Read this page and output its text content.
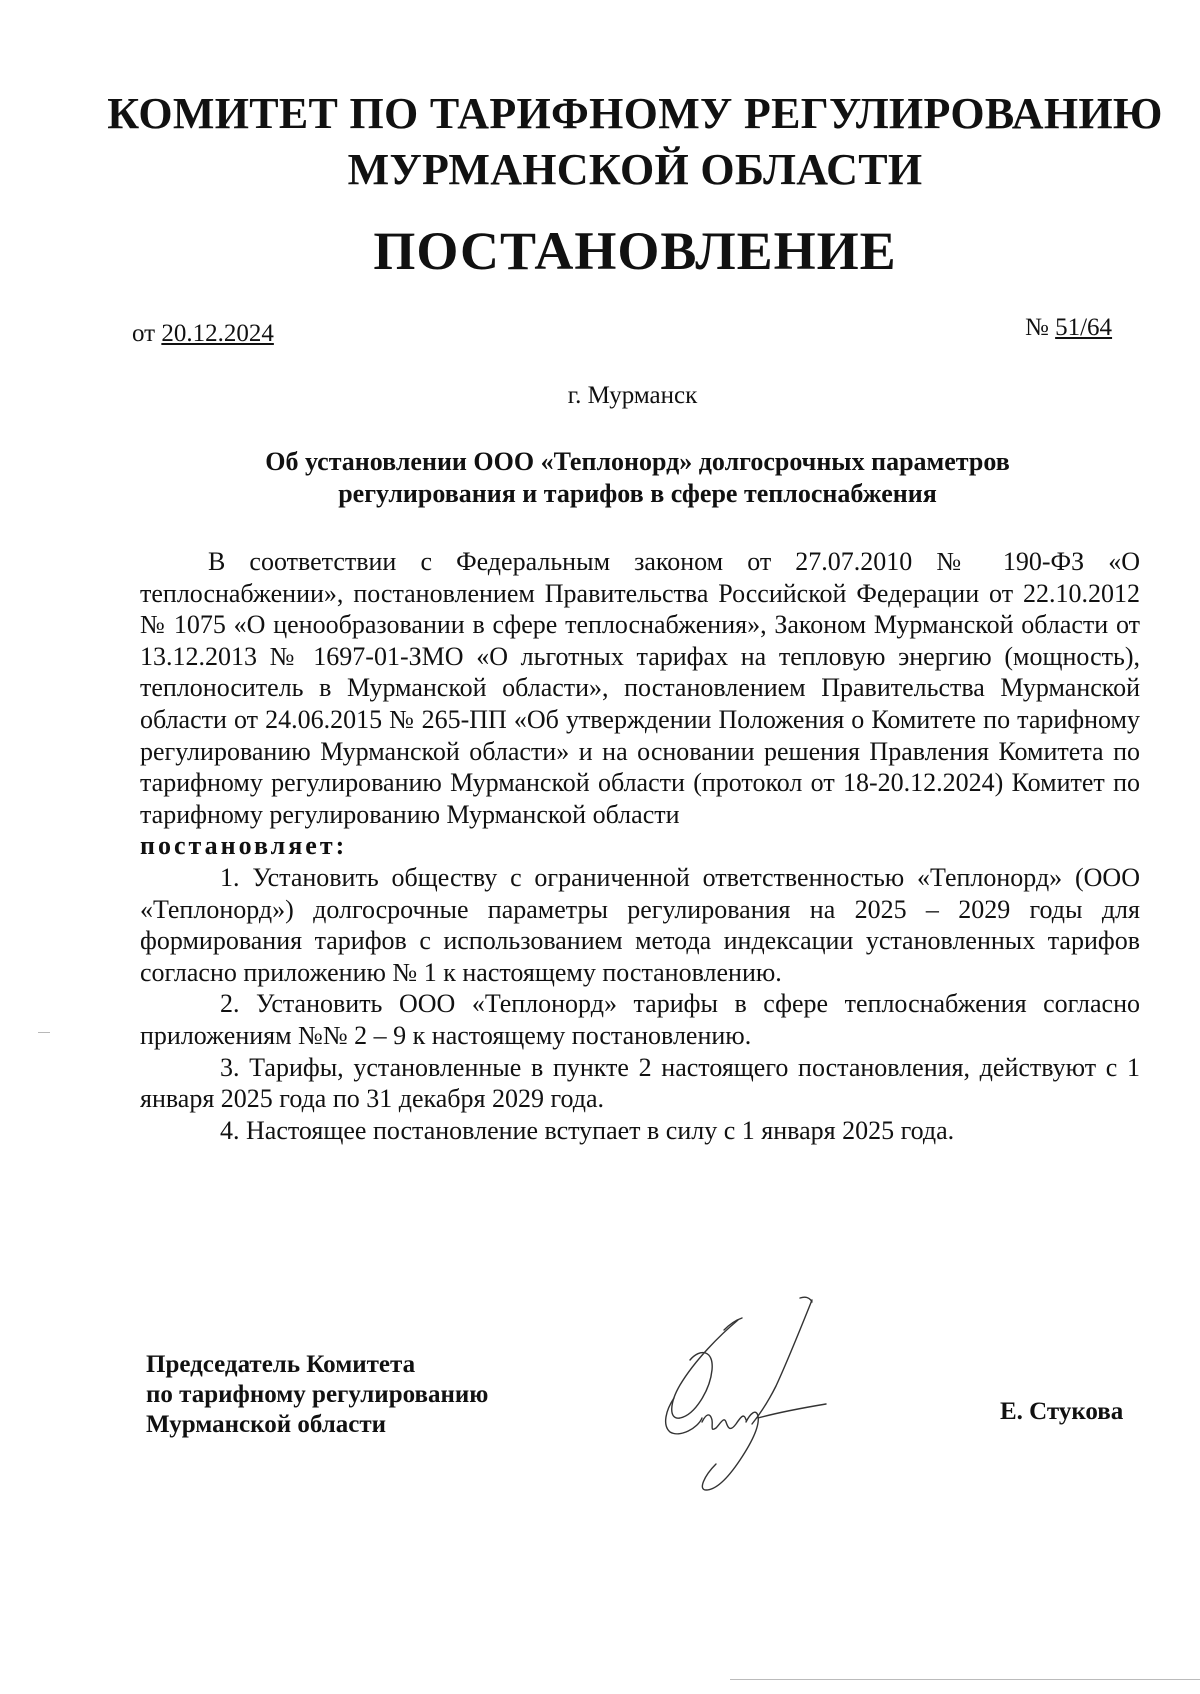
КОМИТЕТ ПО ТАРИФНОМУ РЕГУЛИРОВАНИЮ
МУРМАНСКОЙ ОБЛАСТИ
ПОСТАНОВЛЕНИЕ
от 20.12.2024	№ 51/64
г. Мурманск
Об установлении ООО «Теплонорд» долгосрочных параметров
регулирования и тарифов в сфере теплоснабжения

В соответствии с Федеральным законом от 27.07.2010 № 190-ФЗ «О теплоснабжении», постановлением Правительства Российской Федерации от 22.10.2012 № 1075 «О ценообразовании в сфере теплоснабжения», Законом Мурманской области от 13.12.2013 № 1697-01-ЗМО «О льготных тарифах на тепловую энергию (мощность), теплоноситель в Мурманской области», постановлением Правительства Мурманской области от 24.06.2015 № 265-ПП «Об утверждении Положения о Комитете по тарифному регулированию Мурманской области» и на основании решения Правления Комитета по тарифному регулированию Мурманской области (протокол от 18-20.12.2024) Комитет по тарифному регулированию Мурманской области

постановляет:

1. Установить обществу с ограниченной ответственностью «Теплонорд» (ООО «Теплонорд») долгосрочные параметры регулирования на 2025 – 2029 годы для формирования тарифов с использованием метода индексации установленных тарифов согласно приложению № 1 к настоящему постановлению.

2. Установить ООО «Теплонорд» тарифы в сфере теплоснабжения согласно приложениям №№ 2 – 9 к настоящему постановлению.

3. Тарифы, установленные в пункте 2 настоящего постановления, действуют с 1 января 2025 года по 31 декабря 2029 года.

4. Настоящее постановление вступает в силу с 1 января 2025 года.

Председатель Комитета
по тарифному регулированию
Мурманской области	Е. Стукова
